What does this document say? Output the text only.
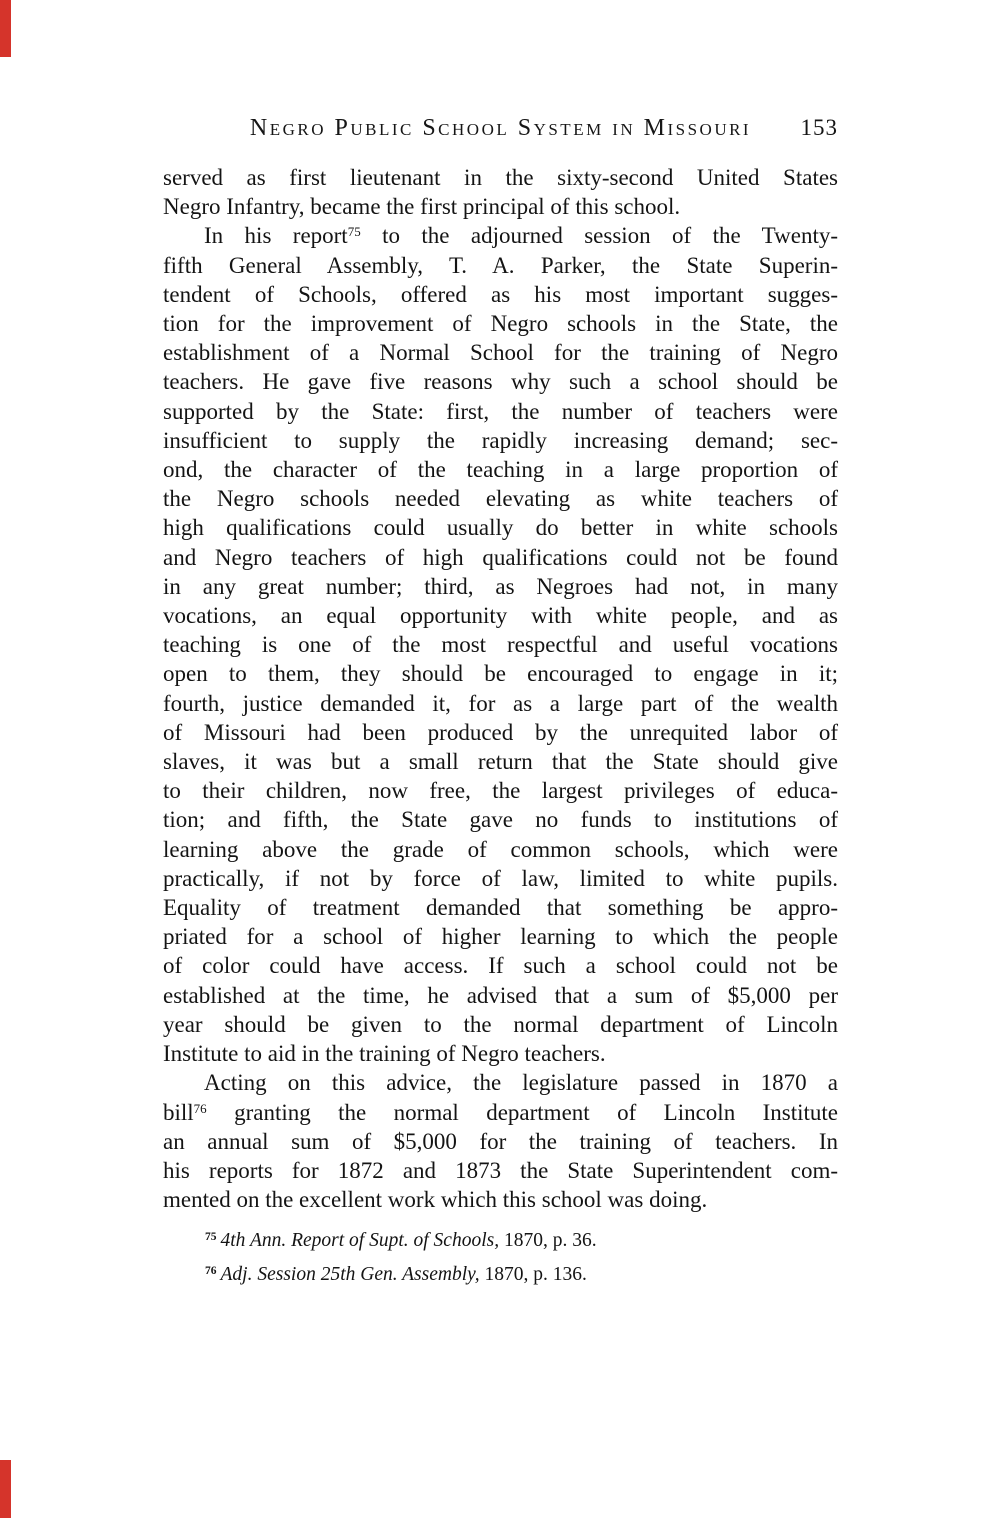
Negro Public School System in Missouri	153
served as first lieutenant in the sixty-second United States
Negro Infantry, became the first principal of this school.
In his report$^{75}$ to the adjourned session of the Twenty-
fifth General Assembly, T. A. Parker, the State Superin-
tendent of Schools, offered as his most important sugges-
tion for the improvement of Negro schools in the State, the
establishment of a Normal School for the training of Negro
teachers. He gave five reasons why such a school should be
supported by the State: first, the number of teachers were
insufficient to supply the rapidly increasing demand; sec-
ond, the character of the teaching in a large proportion of
the Negro schools needed elevating as white teachers of
high qualifications could usually do better in white schools
and Negro teachers of high qualifications could not be found
in any great number; third, as Negroes had not, in many
vocations, an equal opportunity with white people, and as
teaching is one of the most respectful and useful vocations
open to them, they should be encouraged to engage in it;
fourth, justice demanded it, for as a large part of the wealth
of Missouri had been produced by the unrequited labor of
slaves, it was but a small return that the State should give
to their children, now free, the largest privileges of educa-
tion; and fifth, the State gave no funds to institutions of
learning above the grade of common schools, which were
practically, if not by force of law, limited to white pupils.
Equality of treatment demanded that something be appro-
priated for a school of higher learning to which the people
of color could have access. If such a school could not be
established at the time, he advised that a sum of $5,000 per
year should be given to the normal department of Lincoln
Institute to aid in the training of Negro teachers.
Acting on this advice, the legislature passed in 1870 a
bill$^{76}$ granting the normal department of Lincoln Institute
an annual sum of $5,000 for the training of teachers. In
his reports for 1872 and 1873 the State Superintendent com-
mented on the excellent work which this school was doing.
$^{75}$ 4th Ann. Report of Supt. of Schools, 1870, p. 36.
$^{76}$ Adj. Session 25th Gen. Assembly, 1870, p. 136.
